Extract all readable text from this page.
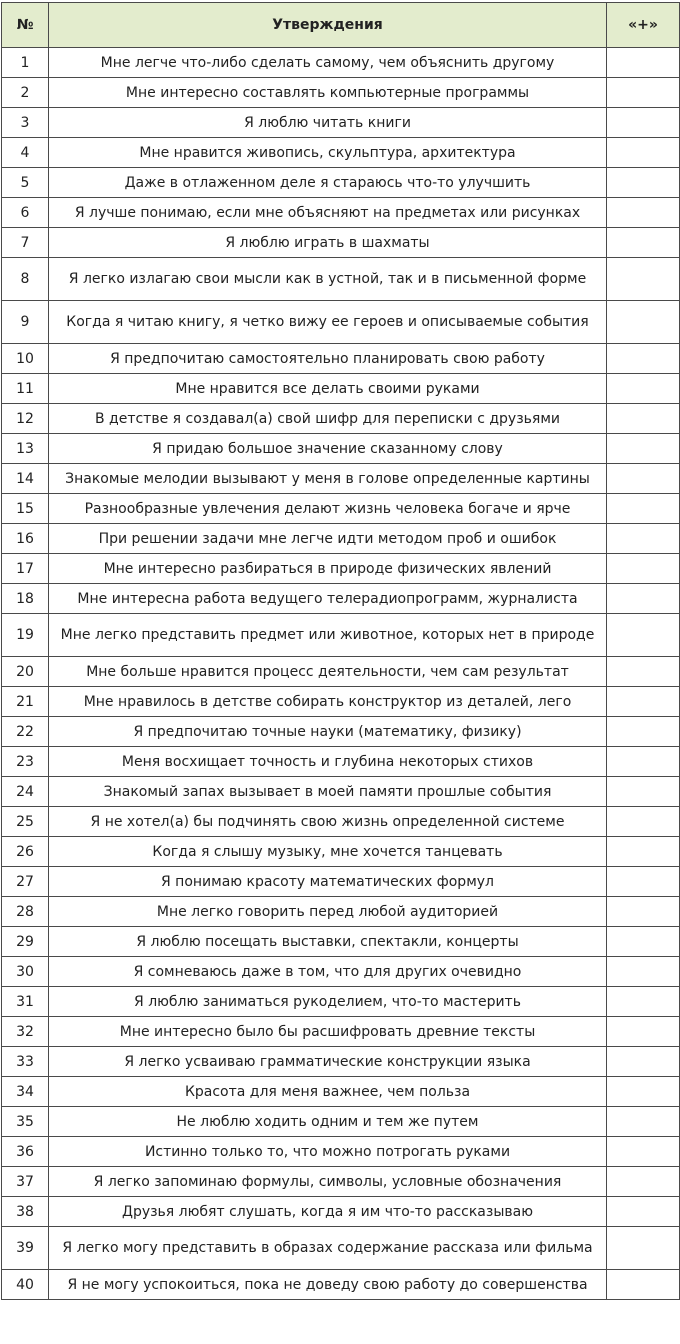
№	Утверждения	«+»
1	Мне легче что-либо сделать самому, чем объяснить другому	
2	Мне интересно составлять компьютерные программы	
3	Я люблю читать книги	
4	Мне нравится живопись, скульптура, архитектура	
5	Даже в отлаженном деле я стараюсь что-то улучшить	
6	Я лучше понимаю, если мне объясняют на предметах или рисунках	
7	Я люблю играть в шахматы	
8	Я легко излагаю свои мысли как в устной, так и в письменной форме	
9	Когда я читаю книгу, я четко вижу ее героев и описываемые события	
10	Я предпочитаю самостоятельно планировать свою работу	
11	Мне нравится все делать своими руками	
12	В детстве я создавал(а) свой шифр для переписки с друзьями	
13	Я придаю большое значение сказанному слову	
14	Знакомые мелодии вызывают у меня в голове определенные картины	
15	Разнообразные увлечения делают жизнь человека богаче и ярче	
16	При решении задачи мне легче идти методом проб и ошибок	
17	Мне интересно разбираться в природе физических явлений	
18	Мне интересна работа ведущего телерадиопрограмм, журналиста	
19	Мне легко представить предмет или животное, которых нет в природе	
20	Мне больше нравится процесс деятельности, чем сам результат	
21	Мне нравилось в детстве собирать конструктор из деталей, лего	
22	Я предпочитаю точные науки (математику, физику)	
23	Меня восхищает точность и глубина некоторых стихов	
24	Знакомый запах вызывает в моей памяти прошлые события	
25	Я не хотел(а) бы подчинять свою жизнь определенной системе	
26	Когда я слышу музыку, мне хочется танцевать	
27	Я понимаю красоту математических формул	
28	Мне легко говорить перед любой аудиторией	
29	Я люблю посещать выставки, спектакли, концерты	
30	Я сомневаюсь даже в том, что для других очевидно	
31	Я люблю заниматься рукоделием, что-то мастерить	
32	Мне интересно было бы расшифровать древние тексты	
33	Я легко усваиваю грамматические конструкции языка	
34	Красота для меня важнее, чем польза	
35	Не люблю ходить одним и тем же путем	
36	Истинно только то, что можно потрогать руками	
37	Я легко запоминаю формулы, символы, условные обозначения	
38	Друзья любят слушать, когда я им что-то рассказываю	
39	Я легко могу представить в образах содержание рассказа или фильма	
40	Я не могу успокоиться, пока не доведу свою работу до совершенства	
